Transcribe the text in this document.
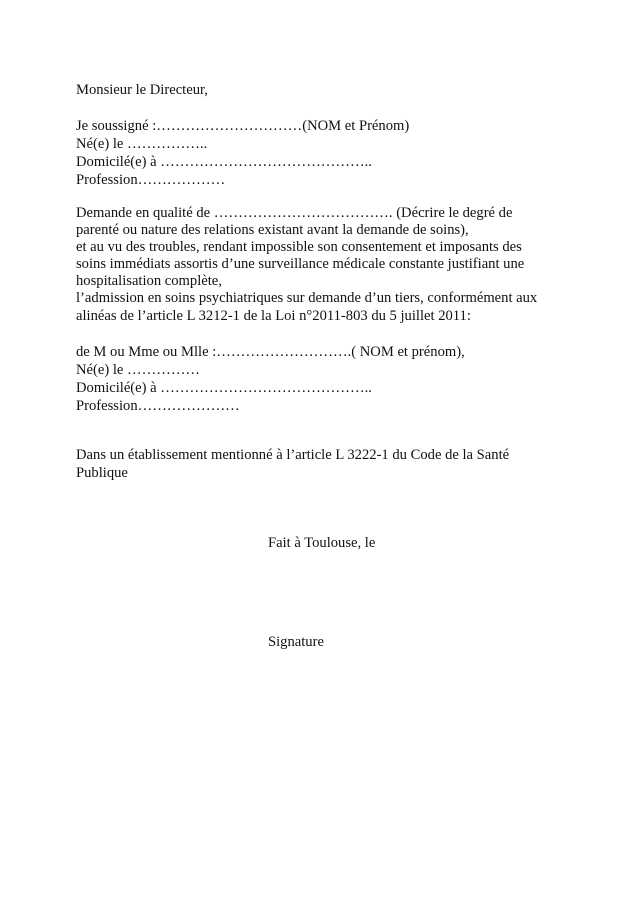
Monsieur le Directeur,
Je soussigné :…………………………(NOM et Prénom)
Né(e) le ……………..
Domicilé(e) à ……………………………………..
Profession………………
Demande en qualité de ………………………………. (Décrire le degré de
parenté ou nature des relations existant avant la demande de soins),
et au vu des troubles, rendant impossible son consentement et imposants des
soins immédiats assortis d’une surveillance médicale constante justifiant une
hospitalisation complète,
l’admission en soins psychiatriques sur demande d’un tiers, conformément aux
alinéas de l’article L 3212-1 de la Loi n°2011-803 du 5 juillet 2011:
de M ou Mme ou Mlle :……………………….( NOM et prénom),
Né(e) le ……………
Domicilé(e) à ……………………………………..
Profession…………………
Dans un établissement mentionné à l’article L 3222-1 du Code de la Santé
Publique
Fait à Toulouse, le
Signature
